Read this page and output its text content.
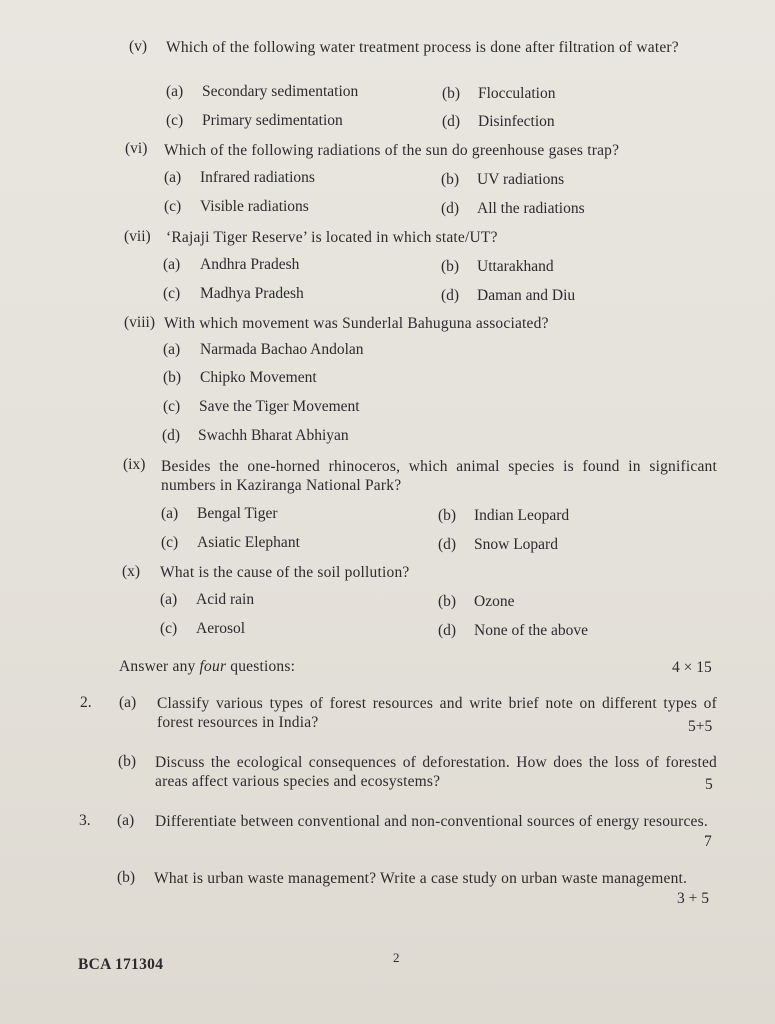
(v) Which of the following water treatment process is done after filtration of water?
(a) Secondary sedimentation	(b) Flocculation
(c) Primary sedimentation	(d) Disinfection
(vi) Which of the following radiations of the sun do greenhouse gases trap?
(a) Infrared radiations	(b) UV radiations
(c) Visible radiations	(d) All the radiations
(vii) ‘Rajaji Tiger Reserve’ is located in which state/UT?
(a) Andhra Pradesh	(b) Uttarakhand
(c) Madhya Pradesh	(d) Daman and Diu
(viii) With which movement was Sunderlal Bahuguna associated?
(a) Narmada Bachao Andolan
(b) Chipko Movement
(c) Save the Tiger Movement
(d) Swachh Bharat Abhiyan
(ix) Besides the one-horned rhinoceros, which animal species is found in significant numbers in Kaziranga National Park?
(a) Bengal Tiger	(b) Indian Leopard
(c) Asiatic Elephant	(d) Snow Lopard
(x) What is the cause of the soil pollution?
(a) Acid rain	(b) Ozone
(c) Aerosol	(d) None of the above
Answer any four questions:	4 × 15
2. (a) Classify various types of forest resources and write brief note on different types of forest resources in India?	5+5
(b) Discuss the ecological consequences of deforestation. How does the loss of forested areas affect various species and ecosystems?	5
3. (a) Differentiate between conventional and non-conventional sources of energy resources.
7
(b) What is urban waste management? Write a case study on urban waste management.
3 + 5
BCA 171304	2
